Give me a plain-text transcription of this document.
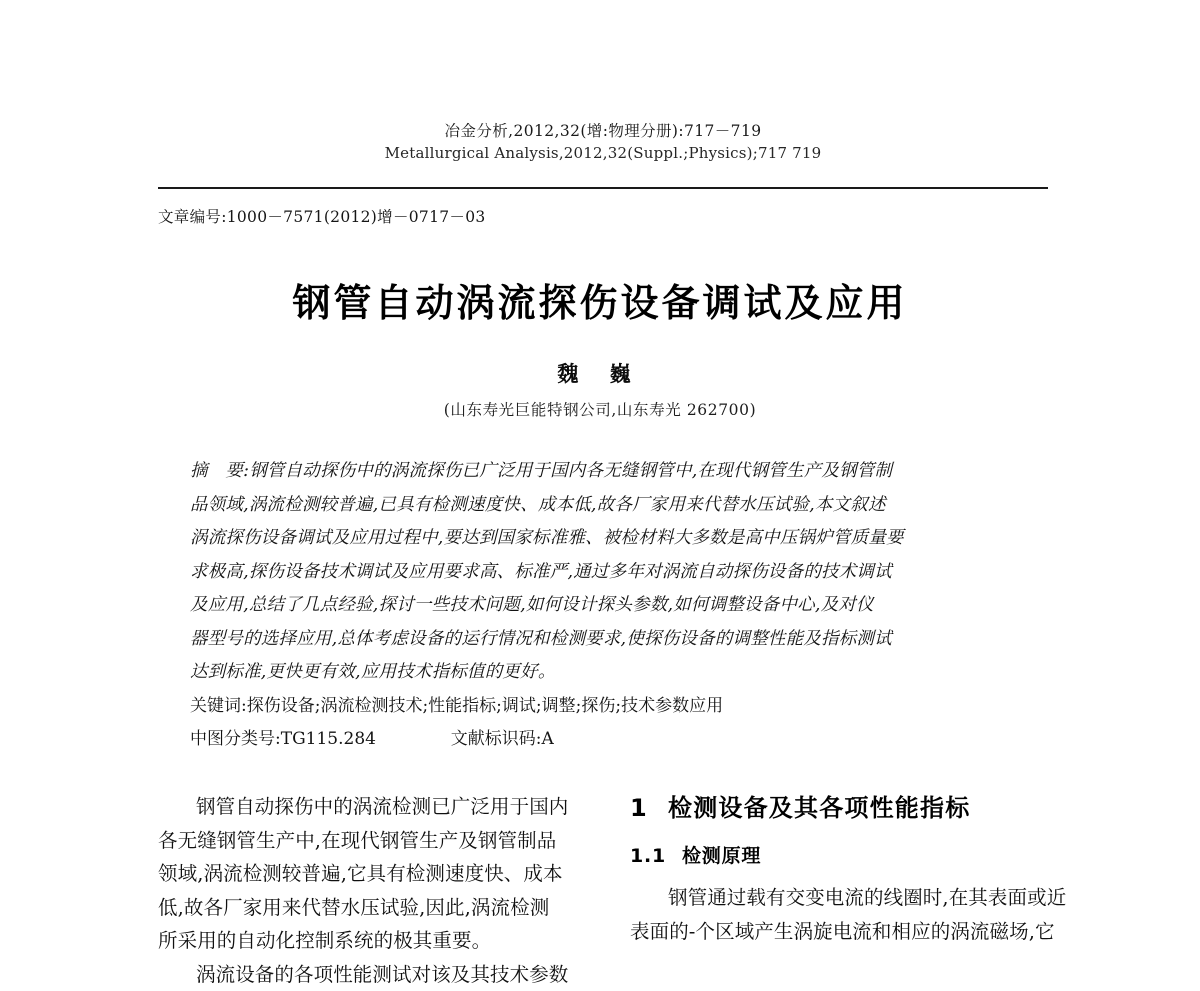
冶金分析,2012,32(增:物理分册):717－719
Metallurgical Analysis,2012,32(Suppl.;Physics);717 719
文章编号:1000－7571(2012)增－0717－03
钢管自动涡流探伤设备调试及应用
魏 巍
(山东寿光巨能特钢公司,山东寿光 262700)
摘　要:钢管自动探伤中的涡流探伤已广泛用于国内各无缝钢管中,在现代钢管生产及钢管制
品领域,涡流检测较普遍,已具有检测速度快、成本低,故各厂家用来代替水压试验,本文叙述
涡流探伤设备调试及应用过程中,要达到国家标准雅、被检材料大多数是高中压锅炉管质量要
求极高,探伤设备技术调试及应用要求高、标准严,通过多年对涡流自动探伤设备的技术调试
及应用,总结了几点经验,探讨一些技术问题,如何设计探头参数,如何调整设备中心,及对仪
器型号的选择应用,总体考虑设备的运行情况和检测要求,使探伤设备的调整性能及指标测试
达到标准,更快更有效,应用技术指标值的更好。
关键词:探伤设备;涡流检测技术;性能指标;调试;调整;探伤;技术参数应用
中图分类号:TG115.284	文献标识码:A
钢管自动探伤中的涡流检测已广泛用于国内
各无缝钢管生产中,在现代钢管生产及钢管制品
领域,涡流检测较普遍,它具有检测速度快、成本
低,故各厂家用来代替水压试验,因此,涡流检测
所采用的自动化控制系统的极其重要。
涡流设备的各项性能测试对该及其技术参数
1 检测设备及其各项性能指标
1.1 检测原理
钢管通过载有交变电流的线圈时,在其表面或近
表面的-个区域产生涡旋电流和相应的涡流磁场,它
